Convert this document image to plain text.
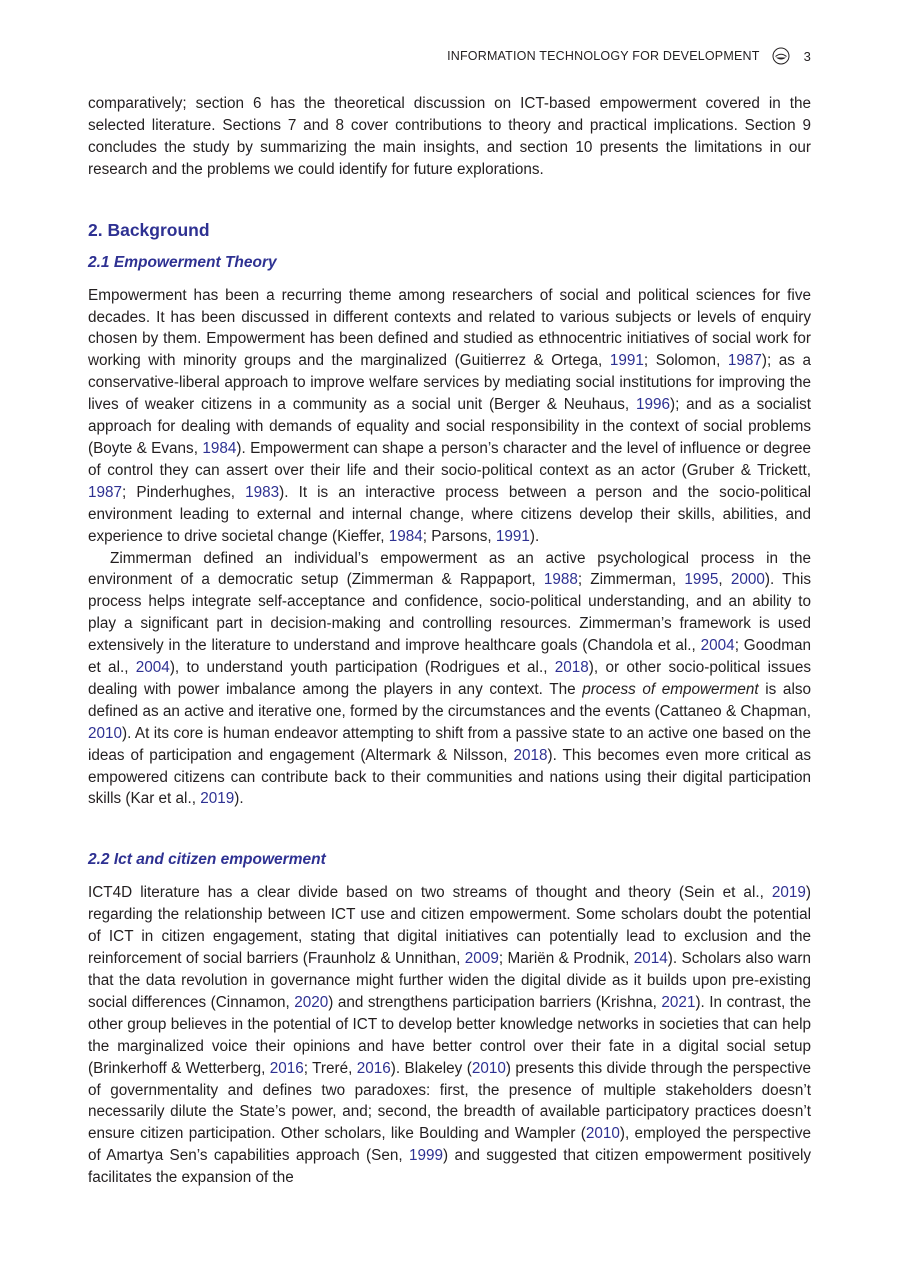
INFORMATION TECHNOLOGY FOR DEVELOPMENT	3

comparatively; section 6 has the theoretical discussion on ICT-based empowerment covered in the selected literature. Sections 7 and 8 cover contributions to theory and practical implications. Section 9 concludes the study by summarizing the main insights, and section 10 presents the limitations in our research and the problems we could identify for future explorations.

2. Background
2.1 Empowerment Theory

Empowerment has been a recurring theme among researchers of social and political sciences for five decades. It has been discussed in different contexts and related to various subjects or levels of enquiry chosen by them. Empowerment has been defined and studied as ethnocentric initiatives of social work for working with minority groups and the marginalized (Guitierrez & Ortega, 1991; Solomon, 1987); as a conservative-liberal approach to improve welfare services by mediating social institutions for improving the lives of weaker citizens in a community as a social unit (Berger & Neuhaus, 1996); and as a socialist approach for dealing with demands of equality and social responsibility in the context of social problems (Boyte & Evans, 1984). Empowerment can shape a person’s character and the level of influence or degree of control they can assert over their life and their socio-political context as an actor (Gruber & Trickett, 1987; Pinderhughes, 1983). It is an interactive process between a person and the socio-political environment leading to external and internal change, where citizens develop their skills, abilities, and experience to drive societal change (Kieffer, 1984; Parsons, 1991).

Zimmerman defined an individual’s empowerment as an active psychological process in the environment of a democratic setup (Zimmerman & Rappaport, 1988; Zimmerman, 1995, 2000). This process helps integrate self-acceptance and confidence, socio-political understanding, and an ability to play a significant part in decision-making and controlling resources. Zimmerman’s framework is used extensively in the literature to understand and improve healthcare goals (Chandola et al., 2004; Goodman et al., 2004), to understand youth participation (Rodrigues et al., 2018), or other socio-political issues dealing with power imbalance among the players in any context. The process of empowerment is also defined as an active and iterative one, formed by the circumstances and the events (Cattaneo & Chapman, 2010). At its core is human endeavor attempting to shift from a passive state to an active one based on the ideas of participation and engagement (Altermark & Nilsson, 2018). This becomes even more critical as empowered citizens can contribute back to their communities and nations using their digital participation skills (Kar et al., 2019).

2.2 Ict and citizen empowerment

ICT4D literature has a clear divide based on two streams of thought and theory (Sein et al., 2019) regarding the relationship between ICT use and citizen empowerment. Some scholars doubt the potential of ICT in citizen engagement, stating that digital initiatives can potentially lead to exclusion and the reinforcement of social barriers (Fraunholz & Unnithan, 2009; Mariën & Prodnik, 2014). Scholars also warn that the data revolution in governance might further widen the digital divide as it builds upon pre-existing social differences (Cinnamon, 2020) and strengthens participation barriers (Krishna, 2021). In contrast, the other group believes in the potential of ICT to develop better knowledge networks in societies that can help the marginalized voice their opinions and have better control over their fate in a digital social setup (Brinkerhoff & Wetterberg, 2016; Treré, 2016). Blakeley (2010) presents this divide through the perspective of governmentality and defines two paradoxes: first, the presence of multiple stakeholders doesn’t necessarily dilute the State’s power, and; second, the breadth of available participatory practices doesn’t ensure citizen participation. Other scholars, like Boulding and Wampler (2010), employed the perspective of Amartya Sen’s capabilities approach (Sen, 1999) and suggested that citizen empowerment positively facilitates the expansion of the
